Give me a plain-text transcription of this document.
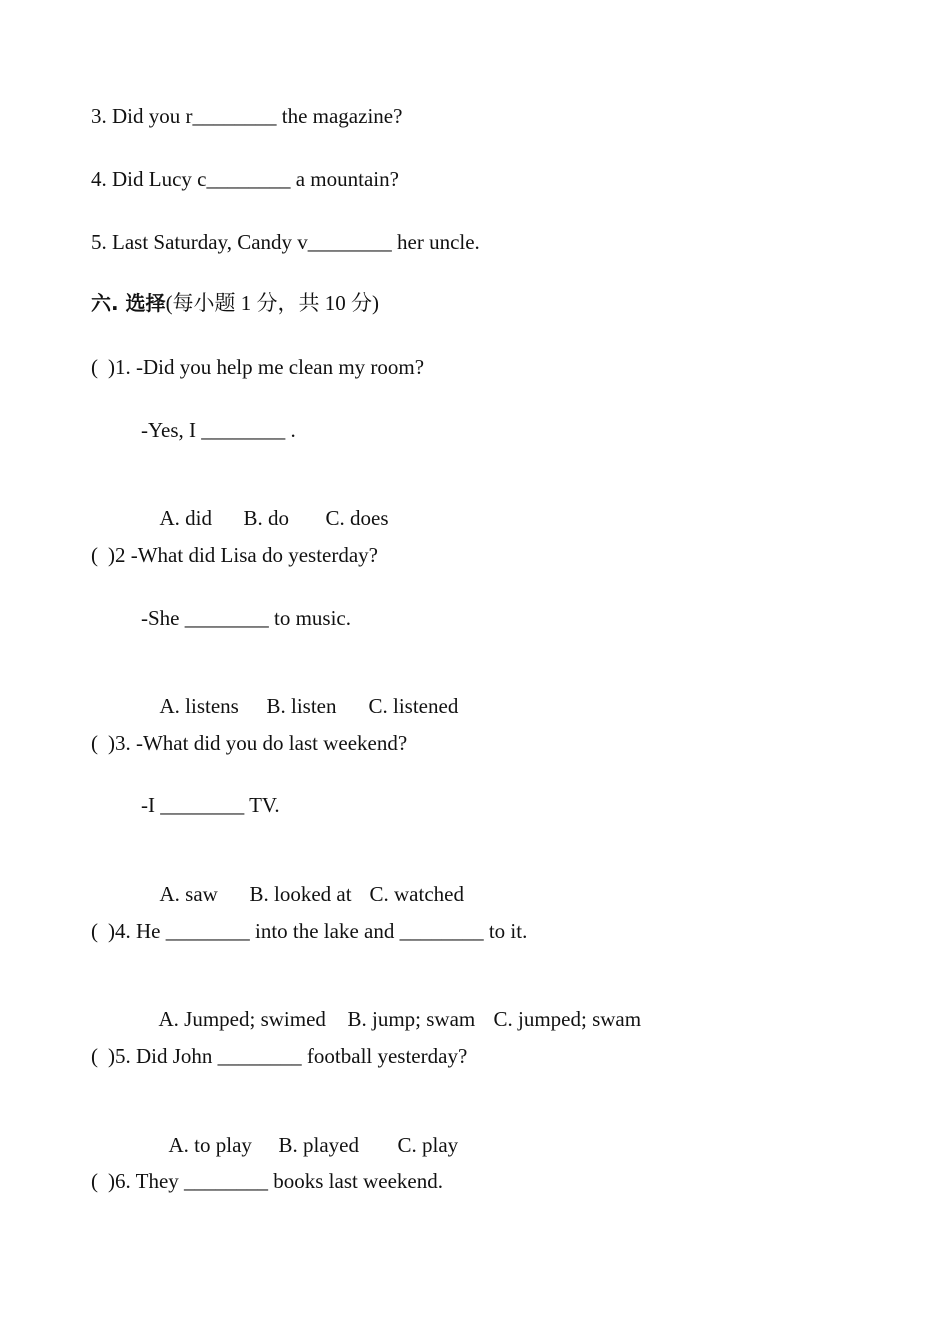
3. Did you r________ the magazine?
4. Did Lucy c________ a mountain?
5. Last Saturday, Candy v________ her uncle.
六. 选择(每小题 1 分，共 10 分)
( )1. -Did you help me clean my room?
-Yes, I ________ .

A. did B. do C. does

( )2 -What did Lisa do yesterday?
-She ________ to music.

A. listens B. listen C. listened

( )3. -What did you do last weekend?
-I ________ TV.

A. saw B. looked at C. watched

( )4. He ________ into the lake and ________ to it.

A. Jumped; swimed B. jump; swam C. jumped; swam

( )5. Did John ________ football yesterday?

A. to play B. played C. play

( )6. They ________ books last weekend.
